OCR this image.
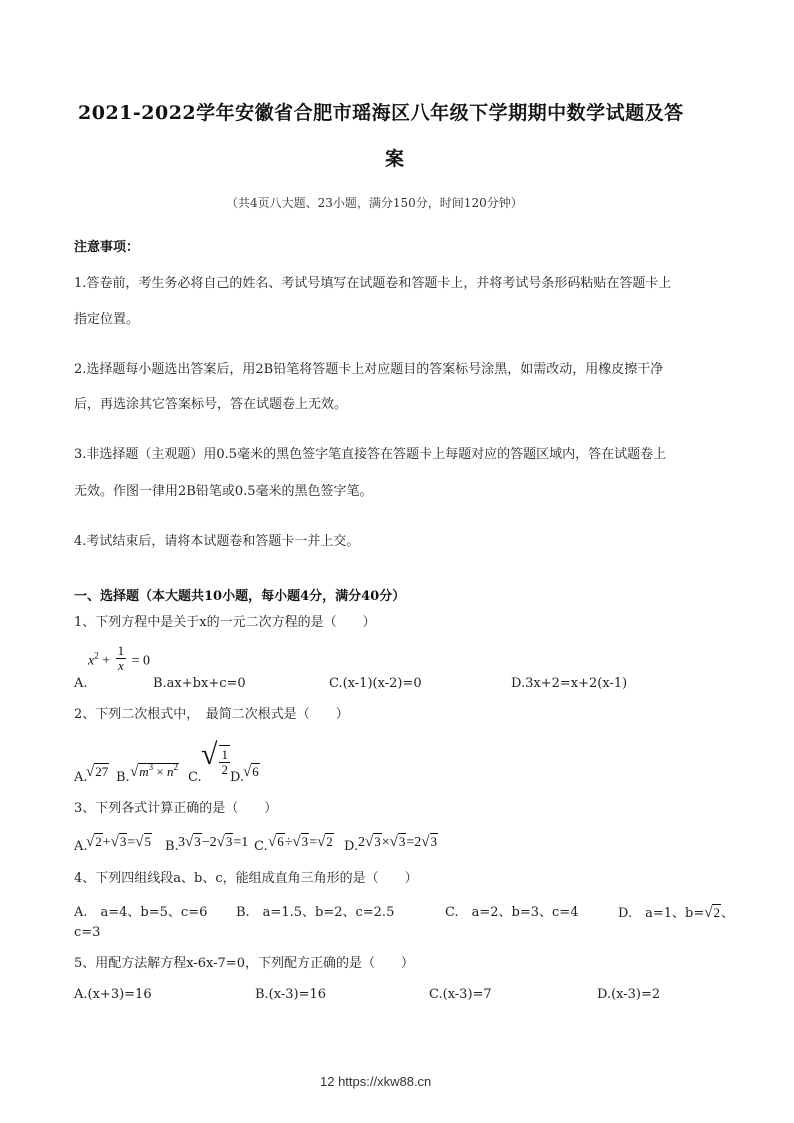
2021-2022学年安徽省合肥市瑶海区八年级下学期期中数学试题及答
案
（共4页八大题、23小题，满分150分，时间120分钟）
注意事项：
1.答卷前，考生务必将自己的姓名、考试号填写在试题卷和答题卡上，并将考试号条形码粘贴在答题卡上
指定位置。
2.选择题每小题选出答案后，用2B铅笔将答题卡上对应题目的答案标号涂黑，如需改动，用橡皮擦干净
后，再选涂其它答案标号，答在试题卷上无效。
3.非选择题（主观题）用0.5毫米的黑色签字笔直接答在答题卡上每题对应的答题区域内，答在试题卷上
无效。作图一律用2B铅笔或0.5毫米的黑色签字笔。
4.考试结束后，请将本试题卷和答题卡一并上交。
一、选择题（本大题共10小题，每小题4分，满分40分）
1、下列方程中是关于x的一元二次方程的是（　　）
$x^2 + \frac{1}{x} = 0$
A.	B.ax+bx+c=0	C.(x-1)(x-2)=0	D.3x+2=x+2(x-1)
2、下列二次根式中，　最简二次根式是（　　）
A.
√27 B. $√m^3 \times n^2$
C.
√ $\frac{1}{2}$
D.
√6
3、下列各式计算正确的是（　　）
A.
√2+√3=√5 B. 3√3−2√3=1 C. √6÷√3=√2 D. 2√3×√3=2√3
4、下列四组线段a、b、c，能组成直角三角形的是（　　）
A.　a=4、b=5、c=6 B.　a=1.5、b=2、c=2.5	C.　a=2、b=3、c=4	D.　a=1、b=√2、
c=3
5、用配方法解方程x-6x-7=0，下列配方正确的是（　　）
A.(x+3)=16	B.(x-3)=16	C.(x-3)=7	D.(x-3)=2
12 https://xkw88.cn
